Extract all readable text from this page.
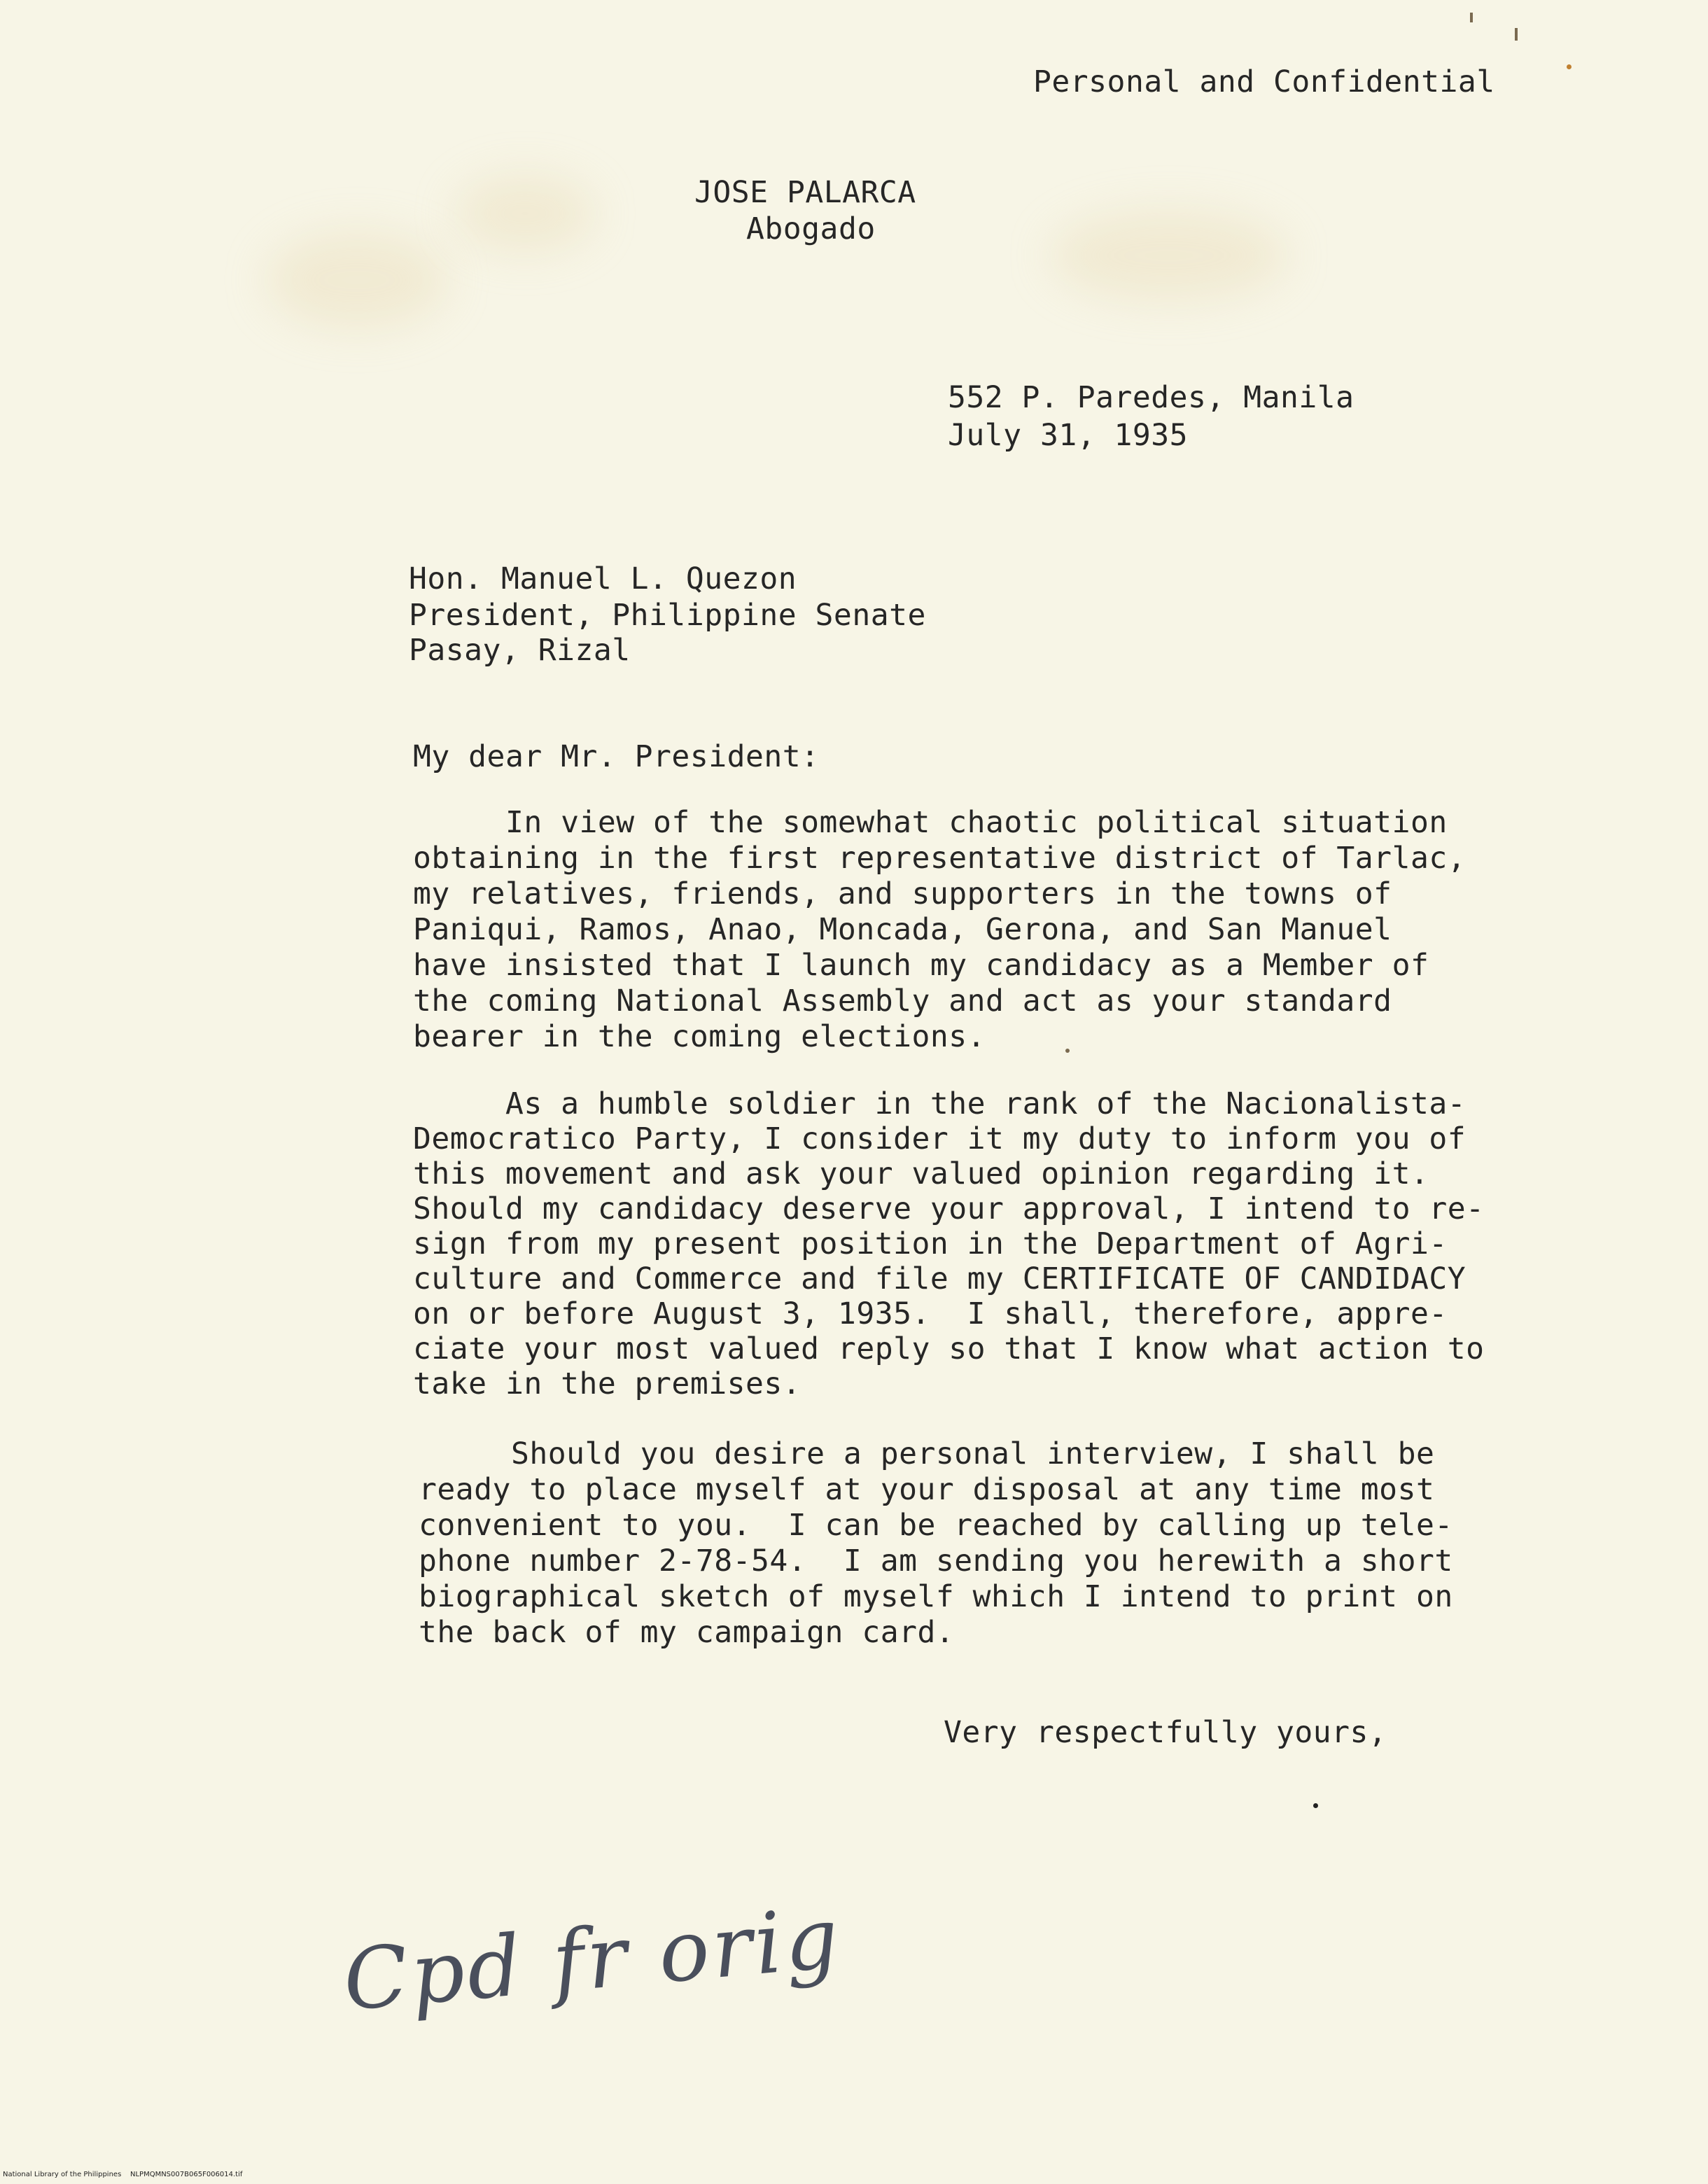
Personal and Confidential
JOSE PALARCA
Abogado
552 P. Paredes, Manila
July 31, 1935
Hon. Manuel L. Quezon
President, Philippine Senate
Pasay, Rizal
My dear Mr. President:
In view of the somewhat chaotic political situation
obtaining in the first representative district of Tarlac,
my relatives, friends, and supporters in the towns of
Paniqui, Ramos, Anao, Moncada, Gerona, and San Manuel
have insisted that I launch my candidacy as a Member of
the coming National Assembly and act as your standard
bearer in the coming elections.
As a humble soldier in the rank of the Nacionalista-
Democratico Party, I consider it my duty to inform you of
this movement and ask your valued opinion regarding it.
Should my candidacy deserve your approval, I intend to re-
sign from my present position in the Department of Agri-
culture and Commerce and file my CERTIFICATE OF CANDIDACY
on or before August 3, 1935.  I shall, therefore, appre-
ciate your most valued reply so that I know what action to
take in the premises.
Should you desire a personal interview, I shall be
ready to place myself at your disposal at any time most
convenient to you.  I can be reached by calling up tele-
phone number 2-78-54.  I am sending you herewith a short
biographical sketch of myself which I intend to print on
the back of my campaign card.
Very respectfully yours,
Cpd fr orig
National Library of the Philippines    NLPMQMNS007B065F006014.tif
